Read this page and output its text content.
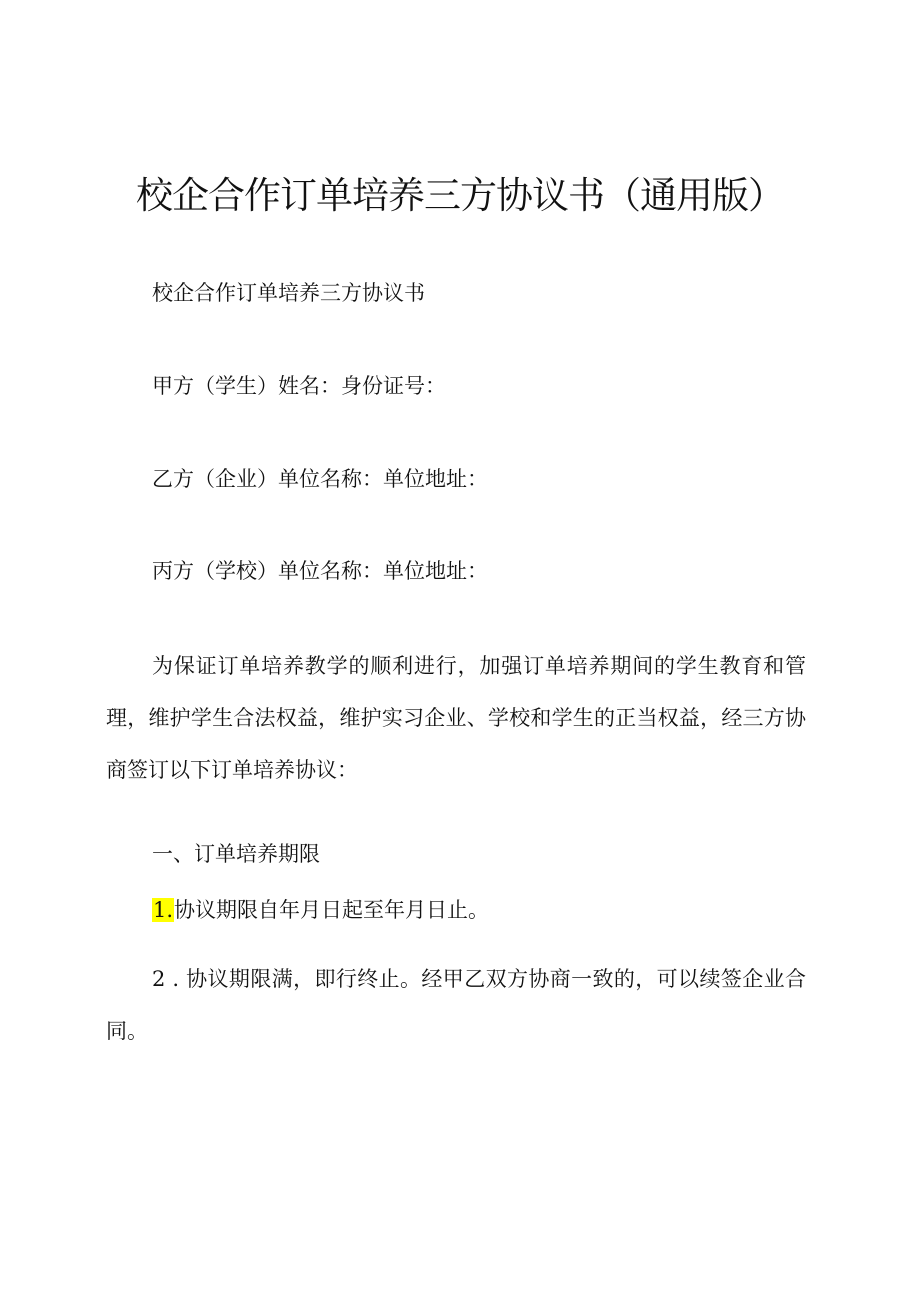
校企合作订单培养三方协议书（通用版）

校企合作订单培养三方协议书

甲方（学生）姓名：身份证号：

乙方（企业）单位名称：单位地址：

丙方（学校）单位名称：单位地址：

为保证订单培养教学的顺利进行，加强订单培养期间的学生教育和管理，维护学生合法权益，维护实习企业、学校和学生的正当权益，经三方协商签订以下订单培养协议：

一、订单培养期限

1.协议期限自年月日起至年月日止。

2 . 协议期限满，即行终止。经甲乙双方协商一致的，可以续签企业合同。
